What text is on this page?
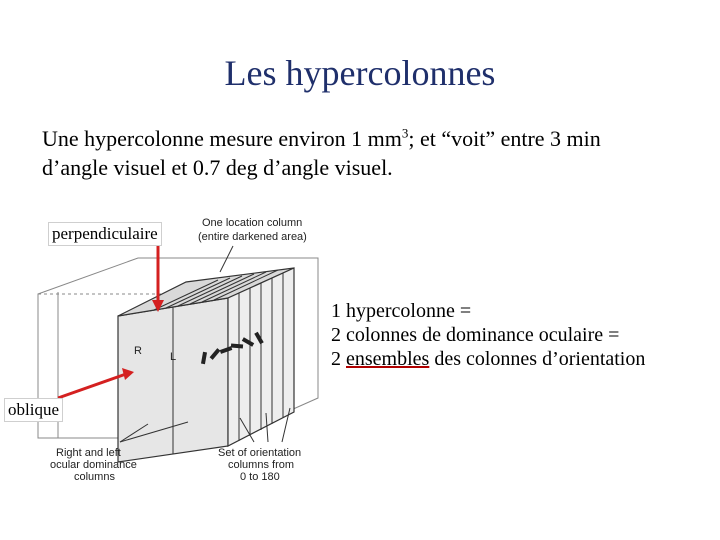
Les hypercolonnes
Une hypercolonne mesure environ 1 $mm^3$; et “voit” entre 3 min
d’angle visuel et 0.7 deg d’angle visuel.
R	L
One location column
(entire darkened area)
Right and left
ocular dominance
columns
Set of orientation
columns from
0 to 180
perpendiculaire
oblique
1 hypercolonne =
2 colonnes de dominance oculaire =
2 ensembles des colonnes d’orientation
